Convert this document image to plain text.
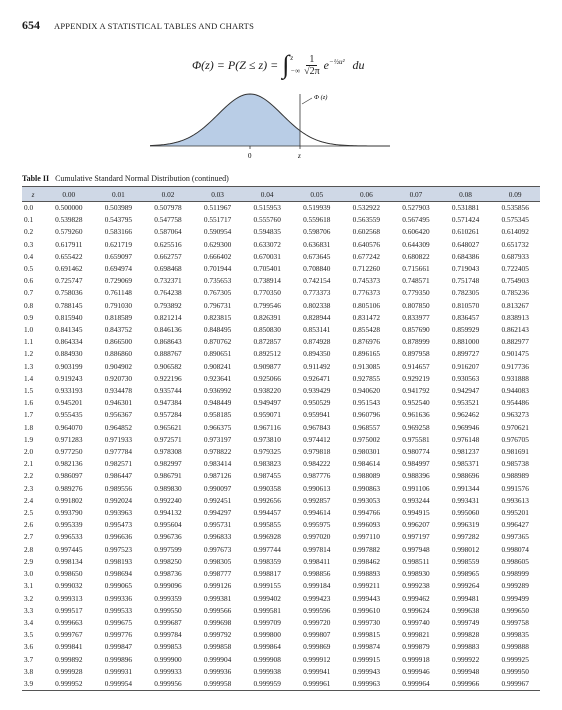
654 APPENDIX A STATISTICAL TABLES AND CHARTS
Φ(z) = P(Z ≤ z) = ∫ z
−∞ $\frac{1}{√2\pi} e^{-\frac{1}{2}u^2}$ du
Φ (z)
0	z
Table II Cumulative Standard Normal Distribution (continued)
z	0.00	0.01	0.02	0.03	0.04	0.05	0.06	0.07	0.08	0.09
0.0	0.500000	0.503989	0.507978	0.511967	0.515953	0.519939	0.532922	0.527903	0.531881	0.535856
0.1	0.539828	0.543795	0.547758	0.551717	0.555760	0.559618	0.563559	0.567495	0.571424	0.575345
0.2	0.579260	0.583166	0.587064	0.590954	0.594835	0.598706	0.602568	0.606420	0.610261	0.614092
0.3	0.617911	0.621719	0.625516	0.629300	0.633072	0.636831	0.640576	0.644309	0.648027	0.651732
0.4	0.655422	0.659097	0.662757	0.666402	0.670031	0.673645	0.677242	0.680822	0.684386	0.687933
0.5	0.691462	0.694974	0.698468	0.701944	0.705401	0.708840	0.712260	0.715661	0.719043	0.722405
0.6	0.725747	0.729069	0.732371	0.735653	0.738914	0.742154	0.745373	0.748571	0.751748	0.754903
0.7	0.758036	0.761148	0.764238	0.767305	0.770350	0.773373	0.776373	0.779350	0.782305	0.785236
0.8	0.788145	0.791030	0.793892	0.796731	0.799546	0.802338	0.805106	0.807850	0.810570	0.813267
0.9	0.815940	0.818589	0.821214	0.823815	0.826391	0.828944	0.831472	0.833977	0.836457	0.838913
1.0	0.841345	0.843752	0.846136	0.848495	0.850830	0.853141	0.855428	0.857690	0.859929	0.862143
1.1	0.864334	0.866500	0.868643	0.870762	0.872857	0.874928	0.876976	0.878999	0.881000	0.882977
1.2	0.884930	0.886860	0.888767	0.890651	0.892512	0.894350	0.896165	0.897958	0.899727	0.901475
1.3	0.903199	0.904902	0.906582	0.908241	0.909877	0.911492	0.913085	0.914657	0.916207	0.917736
1.4	0.919243	0.920730	0.922196	0.923641	0.925066	0.926471	0.927855	0.929219	0.930563	0.931888
1.5	0.933193	0.934478	0.935744	0.936992	0.938220	0.939429	0.940620	0.941792	0.942947	0.944083
1.6	0.945201	0.946301	0.947384	0.948449	0.949497	0.950529	0.951543	0.952540	0.953521	0.954486
1.7	0.955435	0.956367	0.957284	0.958185	0.959071	0.959941	0.960796	0.961636	0.962462	0.963273
1.8	0.964070	0.964852	0.965621	0.966375	0.967116	0.967843	0.968557	0.969258	0.969946	0.970621
1.9	0.971283	0.971933	0.972571	0.973197	0.973810	0.974412	0.975002	0.975581	0.976148	0.976705
2.0	0.977250	0.977784	0.978308	0.978822	0.979325	0.979818	0.980301	0.980774	0.981237	0.981691
2.1	0.982136	0.982571	0.982997	0.983414	0.983823	0.984222	0.984614	0.984997	0.985371	0.985738
2.2	0.986097	0.986447	0.986791	0.987126	0.987455	0.987776	0.988089	0.988396	0.988696	0.988989
2.3	0.989276	0.989556	0.989830	0.990097	0.990358	0.990613	0.990863	0.991106	0.991344	0.991576
2.4	0.991802	0.992024	0.992240	0.992451	0.992656	0.992857	0.993053	0.993244	0.993431	0.993613
2.5	0.993790	0.993963	0.994132	0.994297	0.994457	0.994614	0.994766	0.994915	0.995060	0.995201
2.6	0.995339	0.995473	0.995604	0.995731	0.995855	0.995975	0.996093	0.996207	0.996319	0.996427
2.7	0.996533	0.996636	0.996736	0.996833	0.996928	0.997020	0.997110	0.997197	0.997282	0.997365
2.8	0.997445	0.997523	0.997599	0.997673	0.997744	0.997814	0.997882	0.997948	0.998012	0.998074
2.9	0.998134	0.998193	0.998250	0.998305	0.998359	0.998411	0.998462	0.998511	0.998559	0.998605
3.0	0.998650	0.998694	0.998736	0.998777	0.998817	0.998856	0.998893	0.998930	0.998965	0.998999
3.1	0.999032	0.999065	0.999096	0.999126	0.999155	0.999184	0.999211	0.999238	0.999264	0.999289
3.2	0.999313	0.999336	0.999359	0.999381	0.999402	0.999423	0.999443	0.999462	0.999481	0.999499
3.3	0.999517	0.999533	0.999550	0.999566	0.999581	0.999596	0.999610	0.999624	0.999638	0.999650
3.4	0.999663	0.999675	0.999687	0.999698	0.999709	0.999720	0.999730	0.999740	0.999749	0.999758
3.5	0.999767	0.999776	0.999784	0.999792	0.999800	0.999807	0.999815	0.999821	0.999828	0.999835
3.6	0.999841	0.999847	0.999853	0.999858	0.999864	0.999869	0.999874	0.999879	0.999883	0.999888
3.7	0.999892	0.999896	0.999900	0.999904	0.999908	0.999912	0.999915	0.999918	0.999922	0.999925
3.8	0.999928	0.999931	0.999933	0.999936	0.999938	0.999941	0.999943	0.999946	0.999948	0.999950
3.9	0.999952	0.999954	0.999956	0.999958	0.999959	0.999961	0.999963	0.999964	0.999966	0.999967
